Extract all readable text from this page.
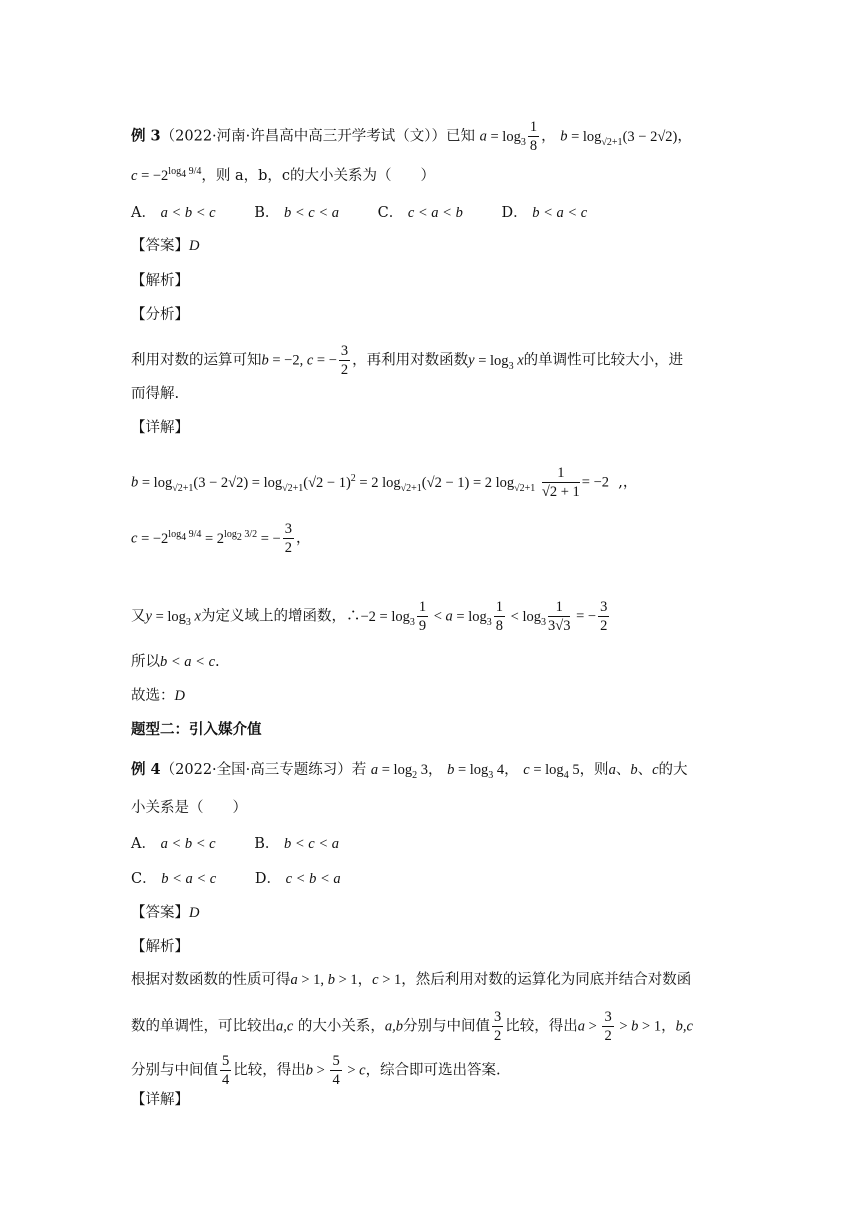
例 3（2022·河南·许昌高中高三开学考试（文））已知 $a = \log_3 \frac{1}{8}$ ， $b = \log_{√2+1}(3 - 2√2)$，
$c = -2^{log_4 9/4}$，则 a，b，c的大小关系为（　　）
A． a < b < c	B． b < c < a	C． c < a < b	D． b < a < c
【答案】D
【解析】
【分析】
利用对数的运算可知b = −2, c = − $\frac{3}{2}$ ，再利用对数函数$y = \log_3 x$的单调性可比较大小，进
而得解.
【详解】
$b = \log_{√2+1}(3 - 2√2) = \log_{√2+1}(√2 - 1)^2 = 2$ $\log_{√2+1}(√2 - 1) = 2$ $\log_{√2+1} \frac{1}{√2 + 1} = -2$  ,，
$c = -2^{log_4 9/4} = 2^{log_2 3/2}$ = − $\frac{3}{2}$ ，
又$y = \log_3 x$为定义域上的增函数，∴−2 = $\log_3 \frac{1}{9} < a = \log_3 \frac{1}{8} < \log_3 \frac{1}{3√3}$ = − $\frac{3}{2}$
所以b < a < c.
故选：D
题型二：引入媒介值
例 4（2022·全国·高三专题练习）若 $a = \log_2 3$， $b = \log_3 4$， $c = \log_4 5$，则a、b、c的大
小关系是（　　）
A． a < b < c	B． b < c < a
C． b < a < c	D． c < b < a
【答案】D
【解析】
根据对数函数的性质可得a > 1, b > 1，c > 1，然后利用对数的运算化为同底并结合对数函
数的单调性，可比较出a,c 的大小关系，a,b分别与中间值 $\frac{3}{2}$ 比较，得出$a > \frac{3}{2} > b > 1$，b,c
分别与中间值 $\frac{5}{4}$ 比较，得出$b > \frac{5}{4} > c$，综合即可选出答案.
【详解】
